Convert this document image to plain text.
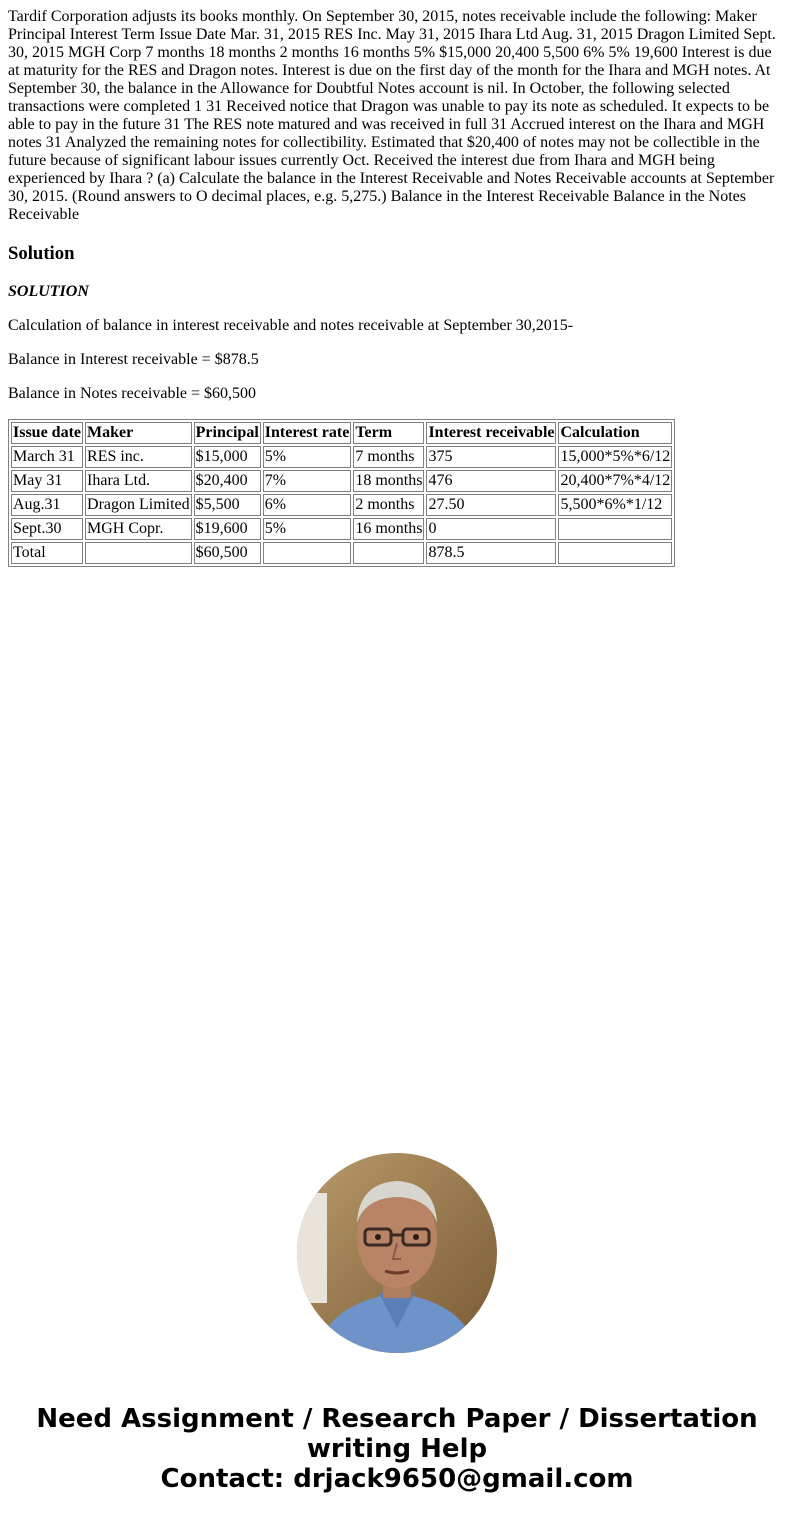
Tardif Corporation adjusts its books monthly. On September 30, 2015, notes receivable include the following: Maker Principal Interest Term Issue Date Mar. 31, 2015 RES Inc. May 31, 2015 Ihara Ltd Aug. 31, 2015 Dragon Limited Sept. 30, 2015 MGH Corp 7 months 18 months 2 months 16 months 5% $15,000 20,400 5,500 6% 5% 19,600 Interest is due at maturity for the RES and Dragon notes. Interest is due on the first day of the month for the Ihara and MGH notes. At September 30, the balance in the Allowance for Doubtful Notes account is nil. In October, the following selected transactions were completed 1 31 Received notice that Dragon was unable to pay its note as scheduled. It expects to be able to pay in the future 31 The RES note matured and was received in full 31 Accrued interest on the Ihara and MGH notes 31 Analyzed the remaining notes for collectibility. Estimated that $20,400 of notes may not be collectible in the future because of significant labour issues currently Oct. Received the interest due from Ihara and MGH being experienced by Ihara ? (a) Calculate the balance in the Interest Receivable and Notes Receivable accounts at September 30, 2015. (Round answers to O decimal places, e.g. 5,275.) Balance in the Interest Receivable Balance in the Notes Receivable

Solution

SOLUTION

Calculation of balance in interest receivable and notes receivable at September 30,2015-

Balance in Interest receivable = $878.5

Balance in Notes receivable = $60,500

Issue date	Maker	Principal	Interest rate	Term	Interest receivable	Calculation
March 31	RES inc.	$15,000	5%	7 months	375	15,000*5%*6/12
May 31	Ihara Ltd.	$20,400	7%	18 months	476	20,400*7%*4/12
Aug.31	Dragon Limited	$5,500	6%	2 months	27.50	5,500*6%*1/12
Sept.30	MGH Copr.	$19,600	5%	16 months	0	
Total		$60,500			878.5	
Need Assignment / Research Paper / Dissertation
writing Help
Contact: drjack9650@gmail.com
